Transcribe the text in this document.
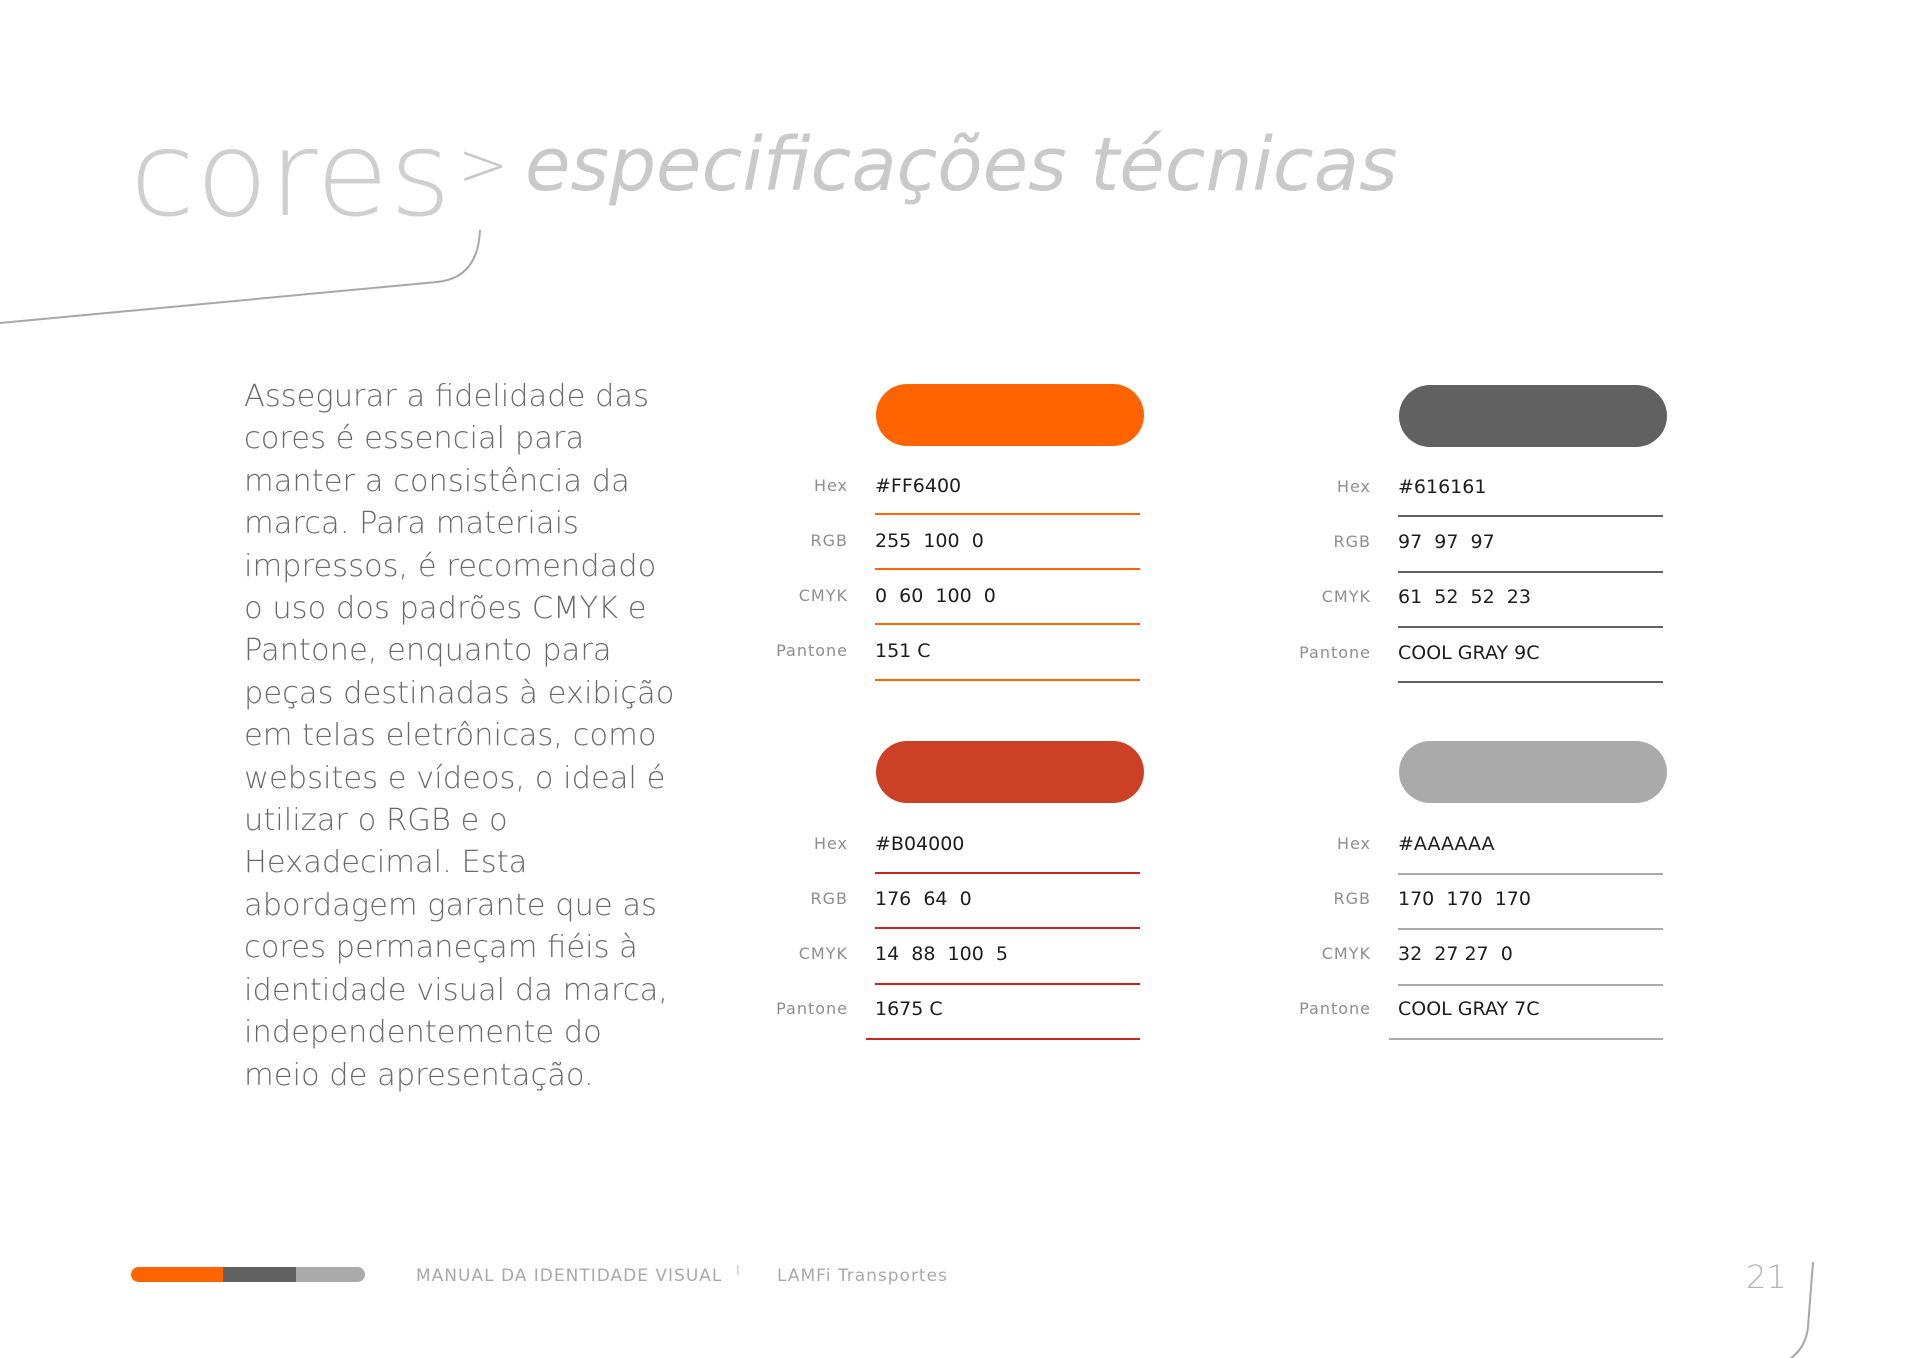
cores > especificações técnicas
Assegurar a fidelidade das cores é essencial para manter a consistência da marca. Para materiais impressos, é recomendado o uso dos padrões CMYK e Pantone, enquanto para peças destinadas à exibição em telas eletrônicas, como websites e vídeos, o ideal é utilizar o RGB e o Hexadecimal. Esta abordagem garante que as cores permaneçam fiéis à identidade visual da marca, independentemente do meio de apresentação.
Hex #FF6400
RGB 255  100  0
CMYK 0  60  100  0
Pantone 151 C
Hex #616161
RGB 97  97  97
CMYK 61  52  52  23
Pantone COOL GRAY 9C
Hex #B04000
RGB 176  64  0
CMYK 14  88  100  5
Pantone 1675 C
Hex #AAAAAA
RGB 170  170  170
CMYK 32  27 27  0
Pantone COOL GRAY 7C
MANUAL DA IDENTIDADE VISUAL I LAMFi Transportes	21
